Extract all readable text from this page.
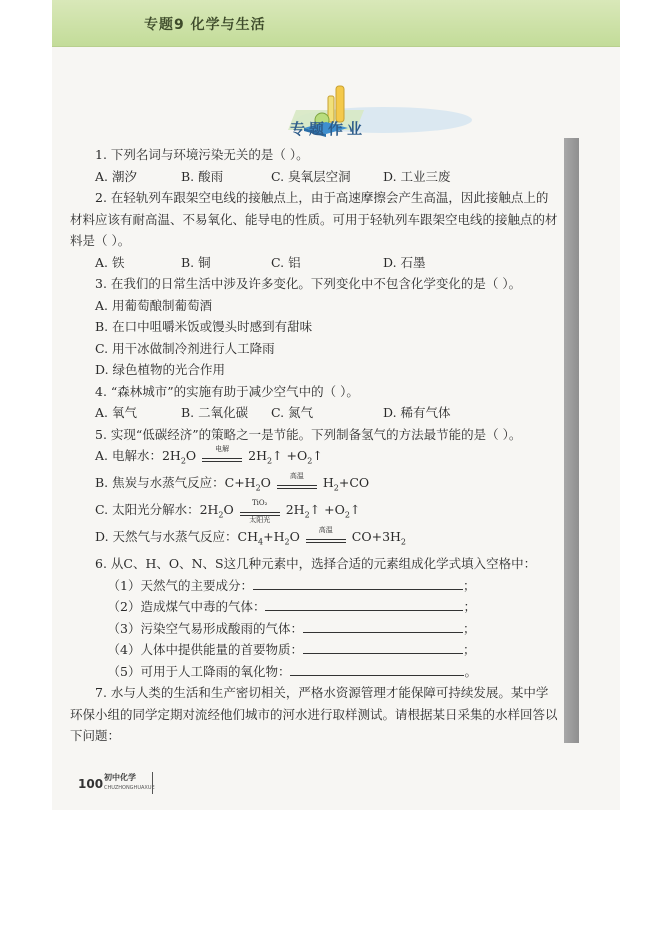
专题9 化学与生活
专题作业

1. 下列名词与环境污染无关的是（ ）。

A. 潮汐	B. 酸雨	C. 臭氧层空洞	D. 工业三废

2. 在轻轨列车跟架空电线的接触点上，由于高速摩擦会产生高温，因此接触点上的材料应该有耐高温、不易氧化、能导电的性质。可用于轻轨列车跟架空电线的接触点的材料是（ ）。

A. 铁	B. 铜	C. 铝	D. 石墨

3. 在我们的日常生活中涉及许多变化。下列变化中不包含化学变化的是（ ）。

A. 用葡萄酿制葡萄酒

B. 在口中咀嚼米饭或馒头时感到有甜味

C. 用干冰做制冷剂进行人工降雨

D. 绿色植物的光合作用

4. “森林城市”的实施有助于减少空气中的（ ）。

A. 氧气	B. 二氧化碳	C. 氮气	D. 稀有气体

5. 实现“低碳经济”的策略之一是节能。下列制备氢气的方法最节能的是（ ）。

A. 电解水：$2H_2O$	电解	$2H_2↑$ $+O_2↑$

B. 焦炭与水蒸气反应：$C+H_2O$	高温	$H_2+CO$

C. 太阳光分解水：$2H_2O$	TiO₂
太阳光
$2H_2↑$ $+O_2↑$

D. 天然气与水蒸气反应：$CH_4+H_2O$	高温	$CO+3H_2$

6. 从C、H、O、N、S这几种元素中，选择合适的元素组成化学式填入空格中：

（1）天然气的主要成分：	；

（2）造成煤气中毒的气体：	；

（3）污染空气易形成酸雨的气体：	；

（4）人体中提供能量的首要物质：	；

（5）可用于人工降雨的氧化物：	。

7. 水与人类的生活和生产密切相关，严格水资源管理才能保障可持续发展。某中学环保小组的同学定期对流经他们城市的河水进行取样测试。请根据某日采集的水样回答以下问题：

100 初中化学
CHUZHONGHUAXUE
